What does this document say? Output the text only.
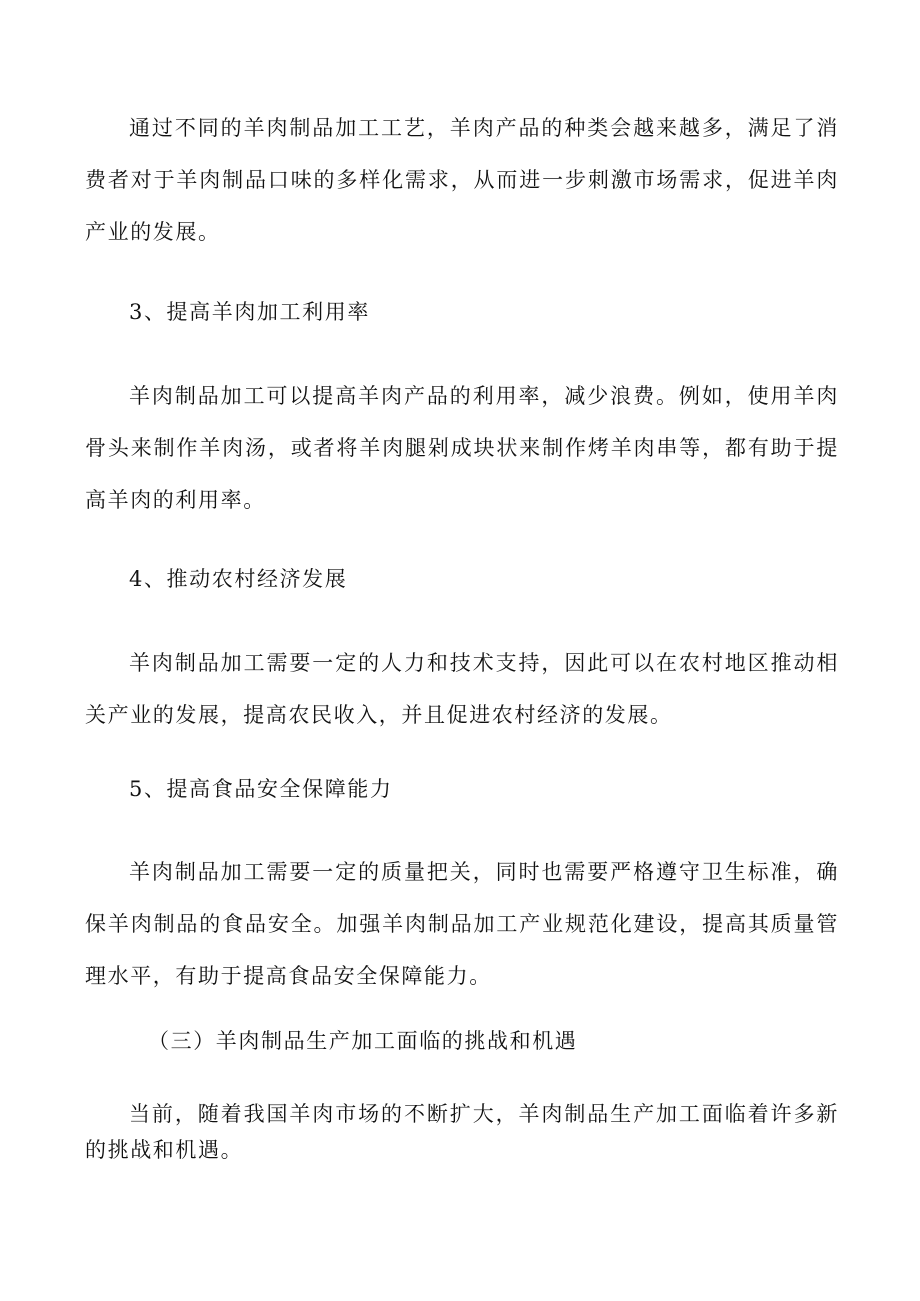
通过不同的羊肉制品加工工艺，羊肉产品的种类会越来越多，满足了消费者对于羊肉制品口味的多样化需求，从而进一步刺激市场需求，促进羊肉产业的发展。

3、提高羊肉加工利用率

羊肉制品加工可以提高羊肉产品的利用率，减少浪费。例如，使用羊肉骨头来制作羊肉汤，或者将羊肉腿剁成块状来制作烤羊肉串等，都有助于提高羊肉的利用率。

4、推动农村经济发展

羊肉制品加工需要一定的人力和技术支持，因此可以在农村地区推动相关产业的发展，提高农民收入，并且促进农村经济的发展。

5、提高食品安全保障能力

羊肉制品加工需要一定的质量把关，同时也需要严格遵守卫生标准，确保羊肉制品的食品安全。加强羊肉制品加工产业规范化建设，提高其质量管理水平，有助于提高食品安全保障能力。

（三）羊肉制品生产加工面临的挑战和机遇

当前，随着我国羊肉市场的不断扩大，羊肉制品生产加工面临着许多新的挑战和机遇。
